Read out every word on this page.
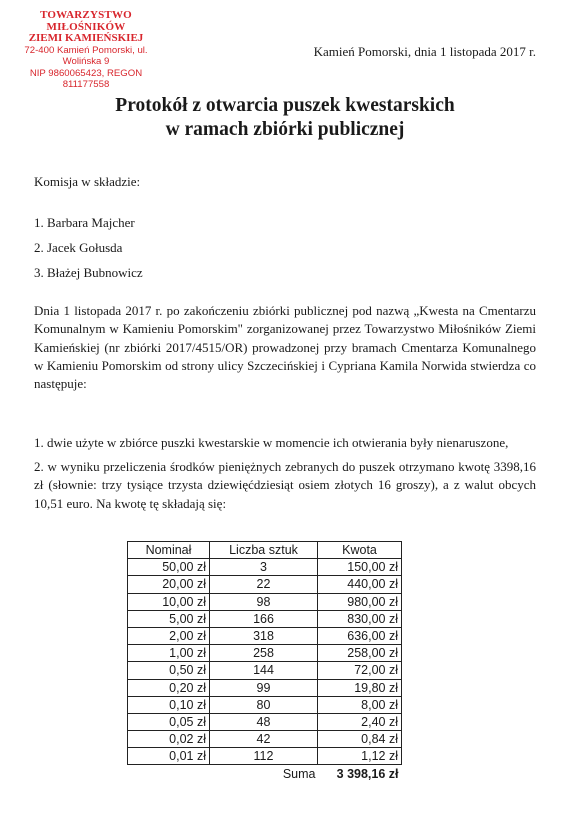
TOWARZYSTWO MIŁOŚNIKÓW
ZIEMI KAMIEŃSKIEJ
72-400 Kamień Pomorski, ul. Wolińska 9
NIP 9860065423, REGON 811177558
Kamień Pomorski, dnia 1 listopada 2017 r.
Protokół z otwarcia puszek kwestarskich
w ramach zbiórki publicznej
Komisja w składzie:
1. Barbara Majcher
2. Jacek Gołusda
3. Błażej Bubnowicz
Dnia 1 listopada 2017 r. po zakończeniu zbiórki publicznej pod nazwą „Kwesta na Cmentarzu Komunalnym w Kamieniu Pomorskim" zorganizowanej przez Towarzystwo Miłośników Ziemi Kamieńskiej (nr zbiórki 2017/4515/OR) prowadzonej przy bramach Cmentarza Komunalnego w Kamieniu Pomorskim od strony ulicy Szczecińskiej i Cypriana Kamila Norwida stwierdza co następuje:
1. dwie użyte w zbiórce puszki kwestarskie w momencie ich otwierania były nienaruszone,
2. w wyniku przeliczenia środków pieniężnych zebranych do puszek otrzymano kwotę 3398,16 zł (słownie: trzy tysiące trzysta dziewięćdziesiąt osiem złotych 16 groszy), a z walut obcych 10,51 euro. Na kwotę tę składają się:
Nominał	Liczba sztuk	Kwota
50,00 zł	3	150,00 zł
20,00 zł	22	440,00 zł
10,00 zł	98	980,00 zł
5,00 zł	166	830,00 zł
2,00 zł	318	636,00 zł
1,00 zł	258	258,00 zł
0,50 zł	144	72,00 zł
0,20 zł	99	19,80 zł
0,10 zł	80	8,00 zł
0,05 zł	48	2,40 zł
0,02 zł	42	0,84 zł
0,01 zł	112	1,12 zł
	Suma	3 398,16 zł
